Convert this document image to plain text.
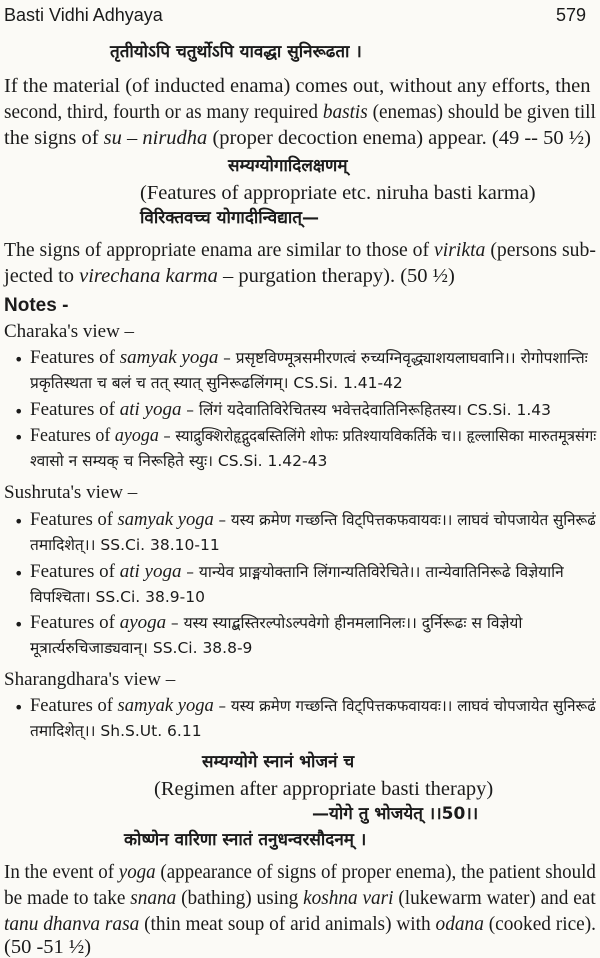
Basti Vidhi Adhyaya	579
तृतीयोऽपि चतुर्थोऽपि यावद्धा सुनिरूढता ।
If the material (of inducted enama) comes out, without any efforts, then
second, third, fourth or as many required bastis (enemas) should be given till
the signs of su – nirudha (proper decoction enema) appear. (49 -- 50 ½)
सम्यग्योगादिलक्षणम्
(Features of appropriate etc. niruha basti karma)
विरिक्तवच्च योगादीन्विद्यात्—
The signs of appropriate enama are similar to those of virikta (persons sub-
jected to virechana karma – purgation therapy). (50 ½)
Notes -
Charaka's view –
• Features of samyak yoga – प्रसृष्टविण्मूत्रसमीरणत्वं रुच्यग्निवृद्ध्याशयलाघवानि।। रोगोपशान्तिः
प्रकृतिस्थता च बलं च तत् स्यात् सुनिरूढलिंगम्। CS.Si. 1.41-42
• Features of ati yoga – लिंगं यदेवातिविरेचितस्य भवेत्तदेवातिनिरूहितस्य। CS.Si. 1.43
• Features of ayoga – स्याद्रुक्शिरोहृद्गुदबस्तिलिंगे शोफः प्रतिश्यायविकर्तिके च।। हृल्लासिका मारुतमूत्रसंगः
श्वासो न सम्यक् च निरूहिते स्युः। CS.Si. 1.42-43
Sushruta's view –
• Features of samyak yoga – यस्य क्रमेण गच्छन्ति विट्पित्तकफवायवः।। लाघवं चोपजायेत सुनिरूढं
तमादिशेत्।। SS.Ci. 38.10-11
• Features of ati yoga – यान्येव प्राङ्मयोक्तानि लिंगान्यतिविरेचिते।। तान्येवातिनिरूढे विज्ञेयानि
विपश्चिता। SS.Ci. 38.9-10
• Features of ayoga – यस्य स्याद्बस्तिरल्पोऽल्पवेगो हीनमलानिलः।। दुर्निरूढः स विज्ञेयो
मूत्रार्त्यरुचिजाड्यवान्। SS.Ci. 38.8-9
Sharangdhara's view –
• Features of samyak yoga – यस्य क्रमेण गच्छन्ति विट्पित्तकफवायवः।। लाघवं चोपजायेत सुनिरूढं
तमादिशेत्।। Sh.S.Ut. 6.11
सम्यग्योगे स्नानं भोजनं च
(Regimen after appropriate basti therapy)
—योगे तु भोजयेत् ।।50।।
कोष्णेन वारिणा स्नातं तनुधन्वरसौदनम् ।
In the event of yoga (appearance of signs of proper enema), the patient should
be made to take snana (bathing) using koshna vari (lukewarm water) and eat
tanu dhanva rasa (thin meat soup of arid animals) with odana (cooked rice).
(50 -51 ½)
